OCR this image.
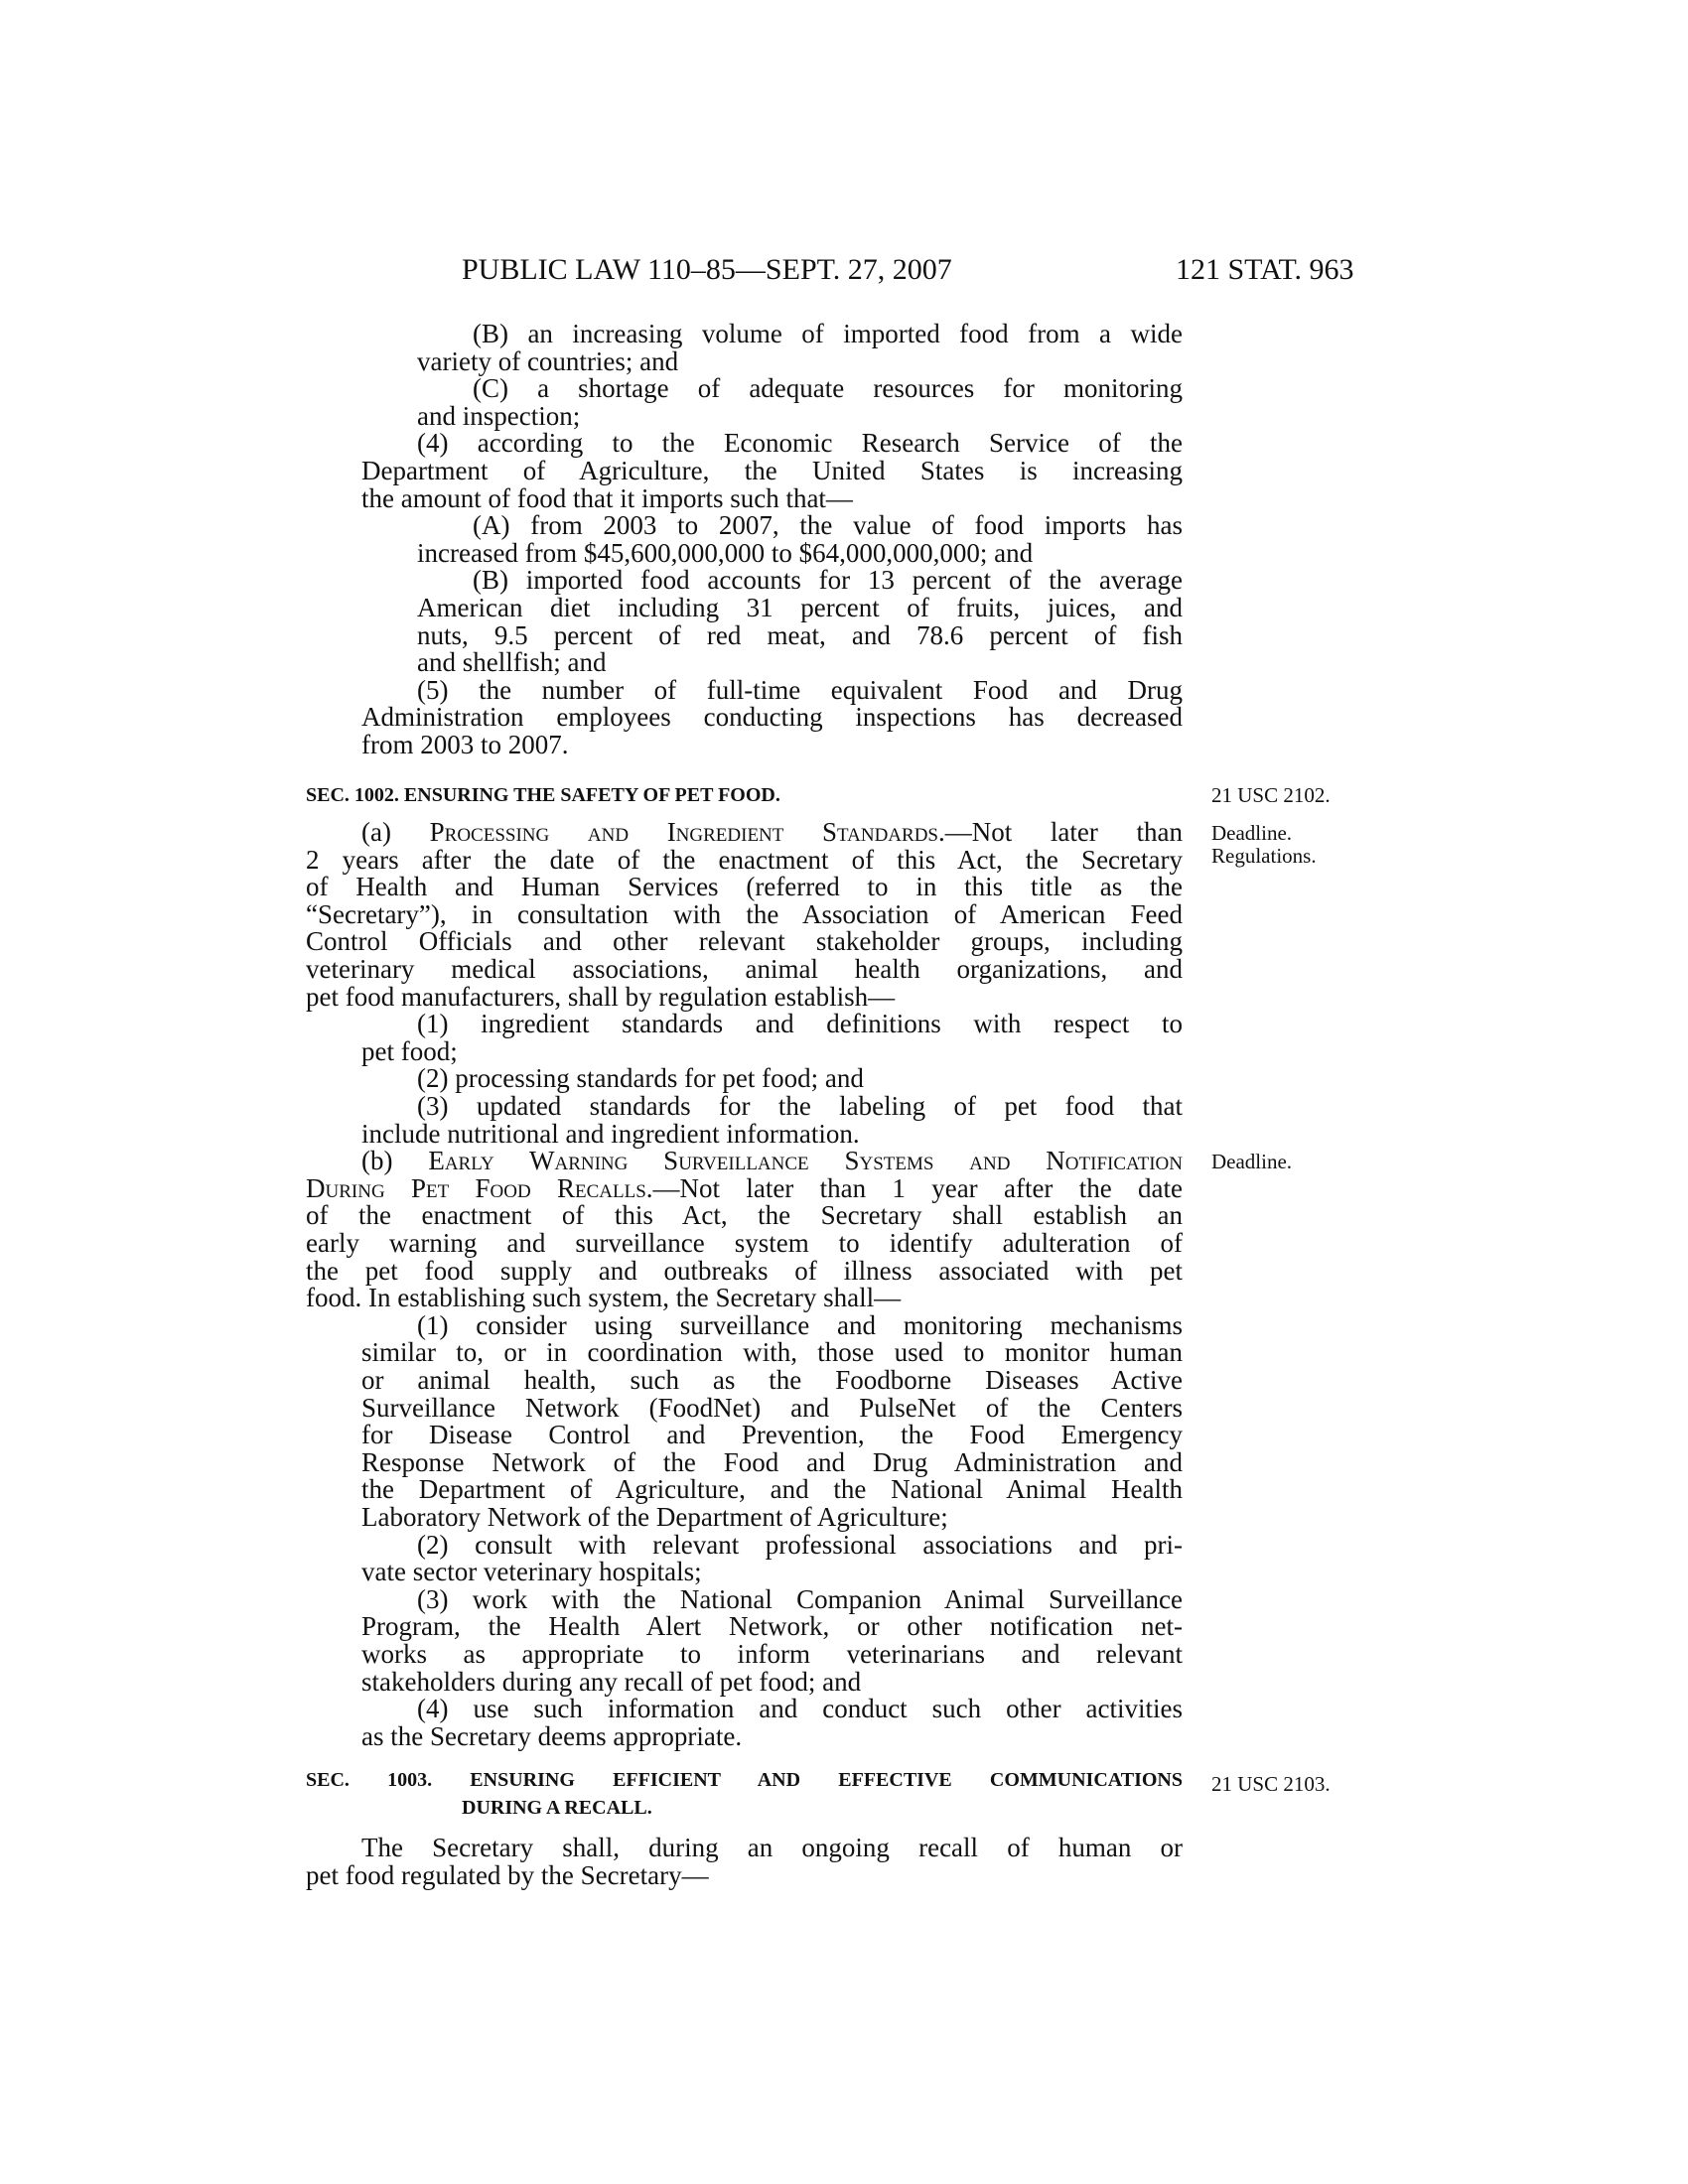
PUBLIC LAW 110–85—SEPT. 27, 2007	121 STAT. 963
(B) an increasing volume of imported food from a wide
variety of countries; and
(C) a shortage of adequate resources for monitoring
and inspection;
(4) according to the Economic Research Service of the
Department of Agriculture, the United States is increasing
the amount of food that it imports such that—
(A) from 2003 to 2007, the value of food imports has
increased from $45,600,000,000 to $64,000,000,000; and
(B) imported food accounts for 13 percent of the average
American diet including 31 percent of fruits, juices, and
nuts, 9.5 percent of red meat, and 78.6 percent of fish
and shellfish; and
(5) the number of full-time equivalent Food and Drug
Administration employees conducting inspections has decreased
from 2003 to 2007.
SEC. 1002. ENSURING THE SAFETY OF PET FOOD.
(a) Processing and Ingredient Standards.—Not later than
2 years after the date of the enactment of this Act, the Secretary
of Health and Human Services (referred to in this title as the
“Secretary”), in consultation with the Association of American Feed
Control Officials and other relevant stakeholder groups, including
veterinary medical associations, animal health organizations, and
pet food manufacturers, shall by regulation establish—
(1) ingredient standards and definitions with respect to
pet food;
(2) processing standards for pet food; and
(3) updated standards for the labeling of pet food that
include nutritional and ingredient information.
(b) Early Warning Surveillance Systems and Notification
During Pet Food Recalls.—Not later than 1 year after the date
of the enactment of this Act, the Secretary shall establish an
early warning and surveillance system to identify adulteration of
the pet food supply and outbreaks of illness associated with pet
food. In establishing such system, the Secretary shall—
(1) consider using surveillance and monitoring mechanisms
similar to, or in coordination with, those used to monitor human
or animal health, such as the Foodborne Diseases Active
Surveillance Network (FoodNet) and PulseNet of the Centers
for Disease Control and Prevention, the Food Emergency
Response Network of the Food and Drug Administration and
the Department of Agriculture, and the National Animal Health
Laboratory Network of the Department of Agriculture;
(2) consult with relevant professional associations and pri-
vate sector veterinary hospitals;
(3) work with the National Companion Animal Surveillance
Program, the Health Alert Network, or other notification net-
works as appropriate to inform veterinarians and relevant
stakeholders during any recall of pet food; and
(4) use such information and conduct such other activities
as the Secretary deems appropriate.
SEC. 1003. ENSURING EFFICIENT AND EFFECTIVE COMMUNICATIONS
DURING A RECALL.
The Secretary shall, during an ongoing recall of human or
pet food regulated by the Secretary—
21 USC 2102.
Deadline.
Regulations.
Deadline.
21 USC 2103.
